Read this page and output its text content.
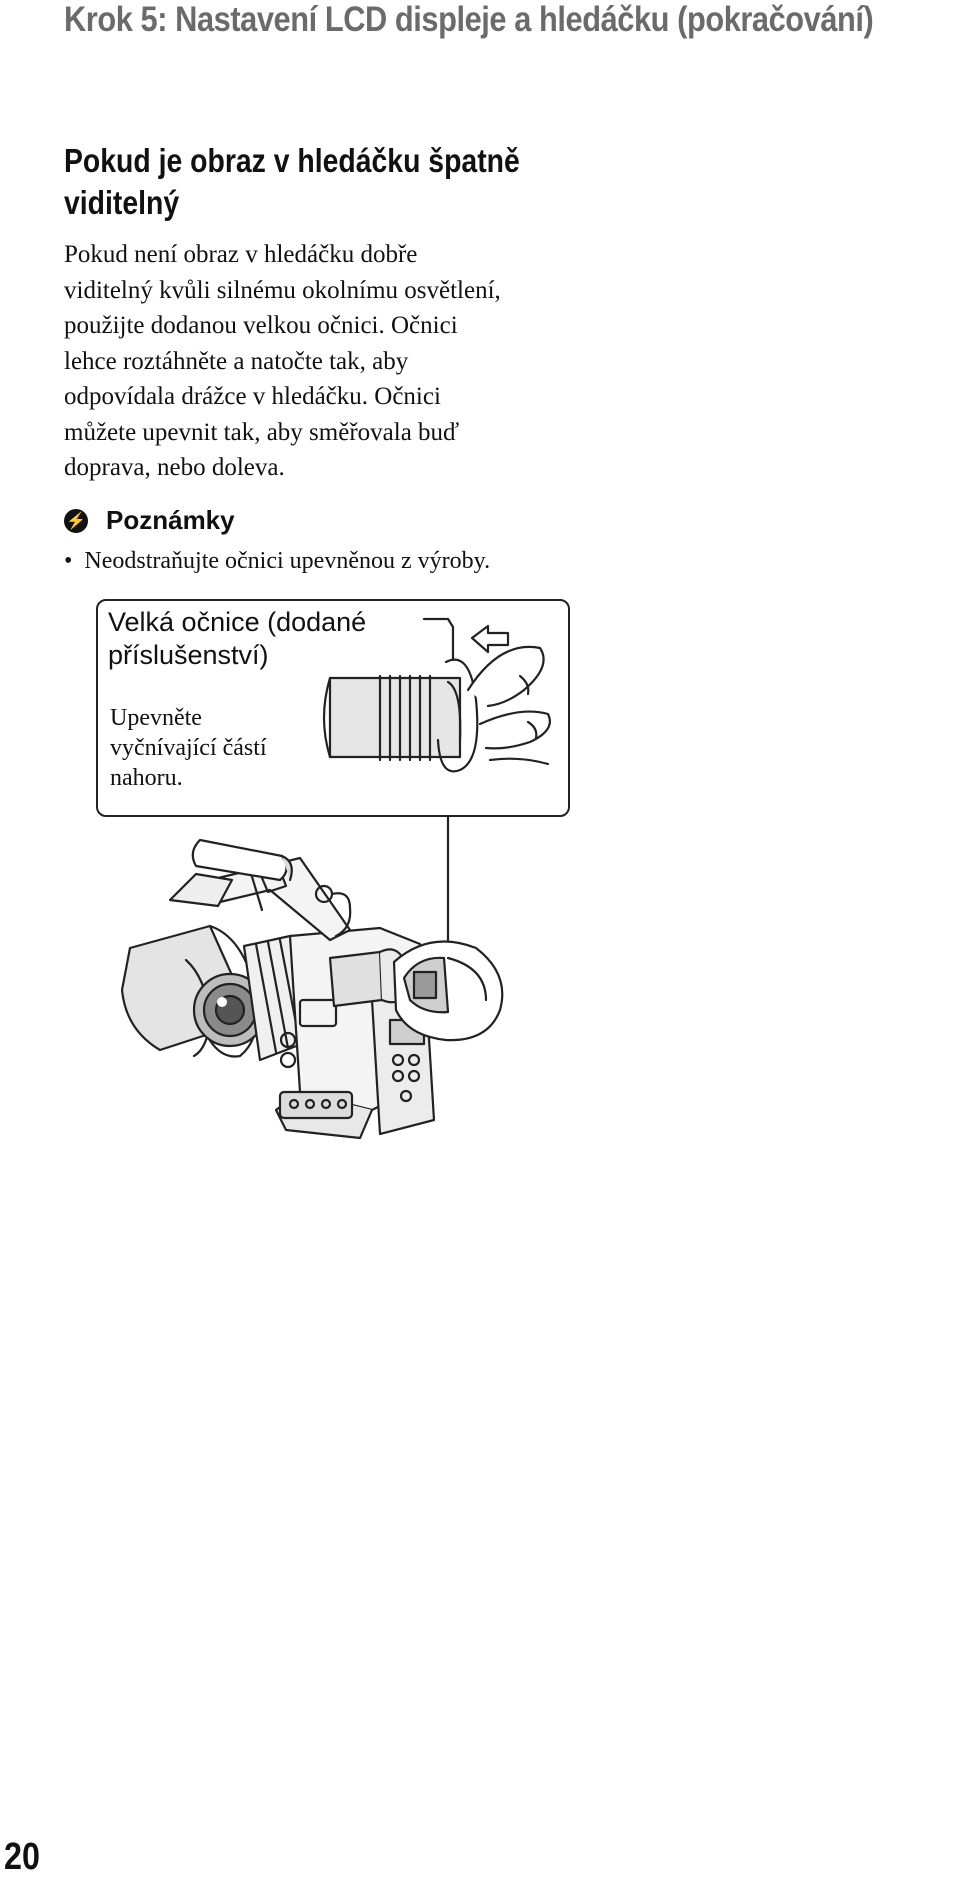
Krok 5: Nastavení LCD displeje a hledáčku (pokračování)
Pokud je obraz v hledáčku špatně viditelný
Pokud není obraz v hledáčku dobře
viditelný kvůli silnému okolnímu osvětlení,
použijte dodanou velkou očnici. Očnici
lehce roztáhněte a natočte tak, aby
odpovídala drážce v hledáčku. Očnici
můžete upevnit tak, aby směřovala buď
doprava, nebo doleva.
⚡ Poznámky
• Neodstraňujte očnici upevněnou z výroby.
Velká očnice (dodané příslušenství)
Upevněte vyčnívající částí nahoru.
20
